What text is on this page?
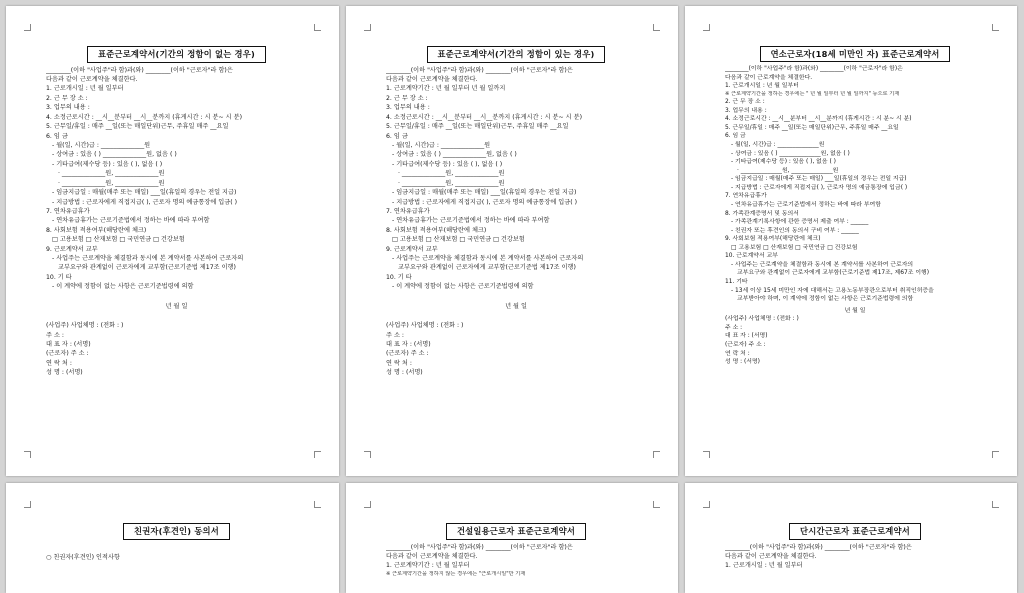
표준근로계약서(기간의 정함이 없는 경우)
________(이하 "사업주"라 함)과(와) ________(이하 "근로자"라 함)은
다음과 같이 근로계약을 체결한다.
1. 근로개시일 : 년 월 일부터
2. 근 무 장 소 :
3. 업무의 내용 :
4. 소정근로시간 : __시__분부터 __시__분까지 (휴게시간 : 시 분~ 시 분)
5. 근무일/휴일 : 매주 __일(또는 매일단위)근무, 주휴일 매주 __요일
6. 임 금
- 월(일, 시간)급 : ______________원
- 상여금 : 있음 ( ) ______________원, 없음 ( )
- 기타급여(제수당 등) : 있음 ( ), 없음 ( )
· ______________원, ______________원
· ______________원, ______________원
- 임금지급일 : 매월(매주 또는 매일) ___일(휴일의 경우는 전일 지급)
- 지급방법 : 근로자에게 직접지급( ), 근로자 명의 예금통장에 입금( )
7. 연차유급휴가
- 연차유급휴가는 근로기준법에서 정하는 바에 따라 부여함
8. 사회보험 적용여부(해당란에 체크)
□ 고용보험 □ 산재보험 □ 국민연금 □ 건강보험
9. 근로계약서 교부
- 사업주는 근로계약을 체결함과 동시에 본 계약서를 사본하여 근로자의
교부요구와 관계없이 근로자에게 교부함(근로기준법 제17조 이행)
10. 기 타
- 이 계약에 정함이 없는 사항은 근로기준법령에 의함
년 월 일
(사업주) 사업체명 : (전화 : )
주 소 :
대 표 자 : (서명)
(근로자) 주 소 :
연 락 처 :
성 명 : (서명)
표준근로계약서(기간의 정함이 있는 경우)
________(이하 "사업주"라 함)과(와) ________(이하 "근로자"라 함)은
다음과 같이 근로계약을 체결한다.
1. 근로계약기간 : 년 월 일부터 년 월 일까지
2. 근 무 장 소 :
3. 업무의 내용 :
4. 소정근로시간 : __시__분부터 __시__분까지 (휴게시간 : 시 분~ 시 분)
5. 근무일/휴일 : 매주 __일(또는 매일단위)근무, 주휴일 매주 __요일
6. 임 금
- 월(일, 시간)급 : ______________원
- 상여금 : 있음 ( ) ______________원, 없음 ( )
- 기타급여(제수당 등) : 있음 ( ), 없음 ( )
· ______________원, ______________원
· ______________원, ______________원
- 임금지급일 : 매월(매주 또는 매일) ___일(휴일의 경우는 전일 지급)
- 지급방법 : 근로자에게 직접지급( ), 근로자 명의 예금통장에 입금( )
7. 연차유급휴가
- 연차유급휴가는 근로기준법에서 정하는 바에 따라 부여함
8. 사회보험 적용여부(해당란에 체크)
□ 고용보험 □ 산재보험 □ 국민연금 □ 건강보험
9. 근로계약서 교부
- 사업주는 근로계약을 체결함과 동시에 본 계약서를 사본하여 근로자의
교부요구와 관계없이 근로자에게 교부함(근로기준법 제17조 이행)
10. 기 타
- 이 계약에 정함이 없는 사항은 근로기준법령에 의함
년 월 일
(사업주) 사업체명 : (전화 : )
주 소 :
대 표 자 : (서명)
(근로자) 주 소 :
연 락 처 :
성 명 : (서명)
연소근로자(18세 미만인 자) 표준근로계약서
________(이하 "사업주"라 함)과(와) ________(이하 "근로자"라 함)은
다음과 같이 근로계약을 체결한다.
1. 근로개시일 : 년 월 일부터
※ 근로계약기간을 정하는 경우에는 " 년 월 일부터 년 월 일까지" 등으로 기재
2. 근 무 장 소 :
3. 업무의 내용 :
4. 소정근로시간 : __시__분부터 __시__분까지 (휴게시간 : 시 분~ 시 분)
5. 근무일/휴일 : 매주 __일(또는 매일단위)근무, 주휴일 매주 __요일
6. 임 금
- 월(일, 시간)급 : ______________원
- 상여금 : 있음 ( ) ______________원, 없음 ( )
- 기타급여(제수당 등) : 있음 ( ), 없음 ( )
· ______________원, ______________원
- 임금지급일 : 매월(매주 또는 매일) ___일(휴일의 경우는 전일 지급)
- 지급방법 : 근로자에게 직접지급( ), 근로자 명의 예금통장에 입금( )
7. 연차유급휴가
- 연차유급휴가는 근로기준법에서 정하는 바에 따라 부여함
8. 가족관계증명서 및 동의서
- 가족관계기록사항에 관한 증명서 제출 여부 : ______
- 친권자 또는 후견인의 동의서 구비 여부 : ______
9. 사회보험 적용여부(해당란에 체크)
□ 고용보험 □ 산재보험 □ 국민연금 □ 건강보험
10. 근로계약서 교부
- 사업주는 근로계약을 체결함과 동시에 본 계약서를 사본하여 근로자의
교부요구와 관계없이 근로자에게 교부함(근로기준법 제17조, 제67조 이행)
11. 기타
- 13세 이상 15세 미만인 자에 대해서는 고용노동부장관으로부터 취직인허증을
교부받아야 하며, 이 계약에 정함이 없는 사항은 근로기준법령에 의함
년 월 일
(사업주) 사업체명 : (전화 : )
주 소 :
대 표 자 : (서명)
(근로자) 주 소 :
연 락 처 :
성 명 : (서명)
친권자(후견인) 동의서
○ 친권자(후견인) 인적사항
건설일용근로자 표준근로계약서
________(이하 "사업주"라 함)과(와) ________(이하 "근로자"라 함)은
다음과 같이 근로계약을 체결한다.
1. 근로계약기간 : 년 월 일부터
※ 근로계약기간을 정하지 않는 경우에는 "근로개시일"만 기재
단시간근로자 표준근로계약서
________(이하 "사업주"라 함)과(와) ________(이하 "근로자"라 함)은
다음과 같이 근로계약을 체결한다.
1. 근로개시일 : 년 월 일부터
